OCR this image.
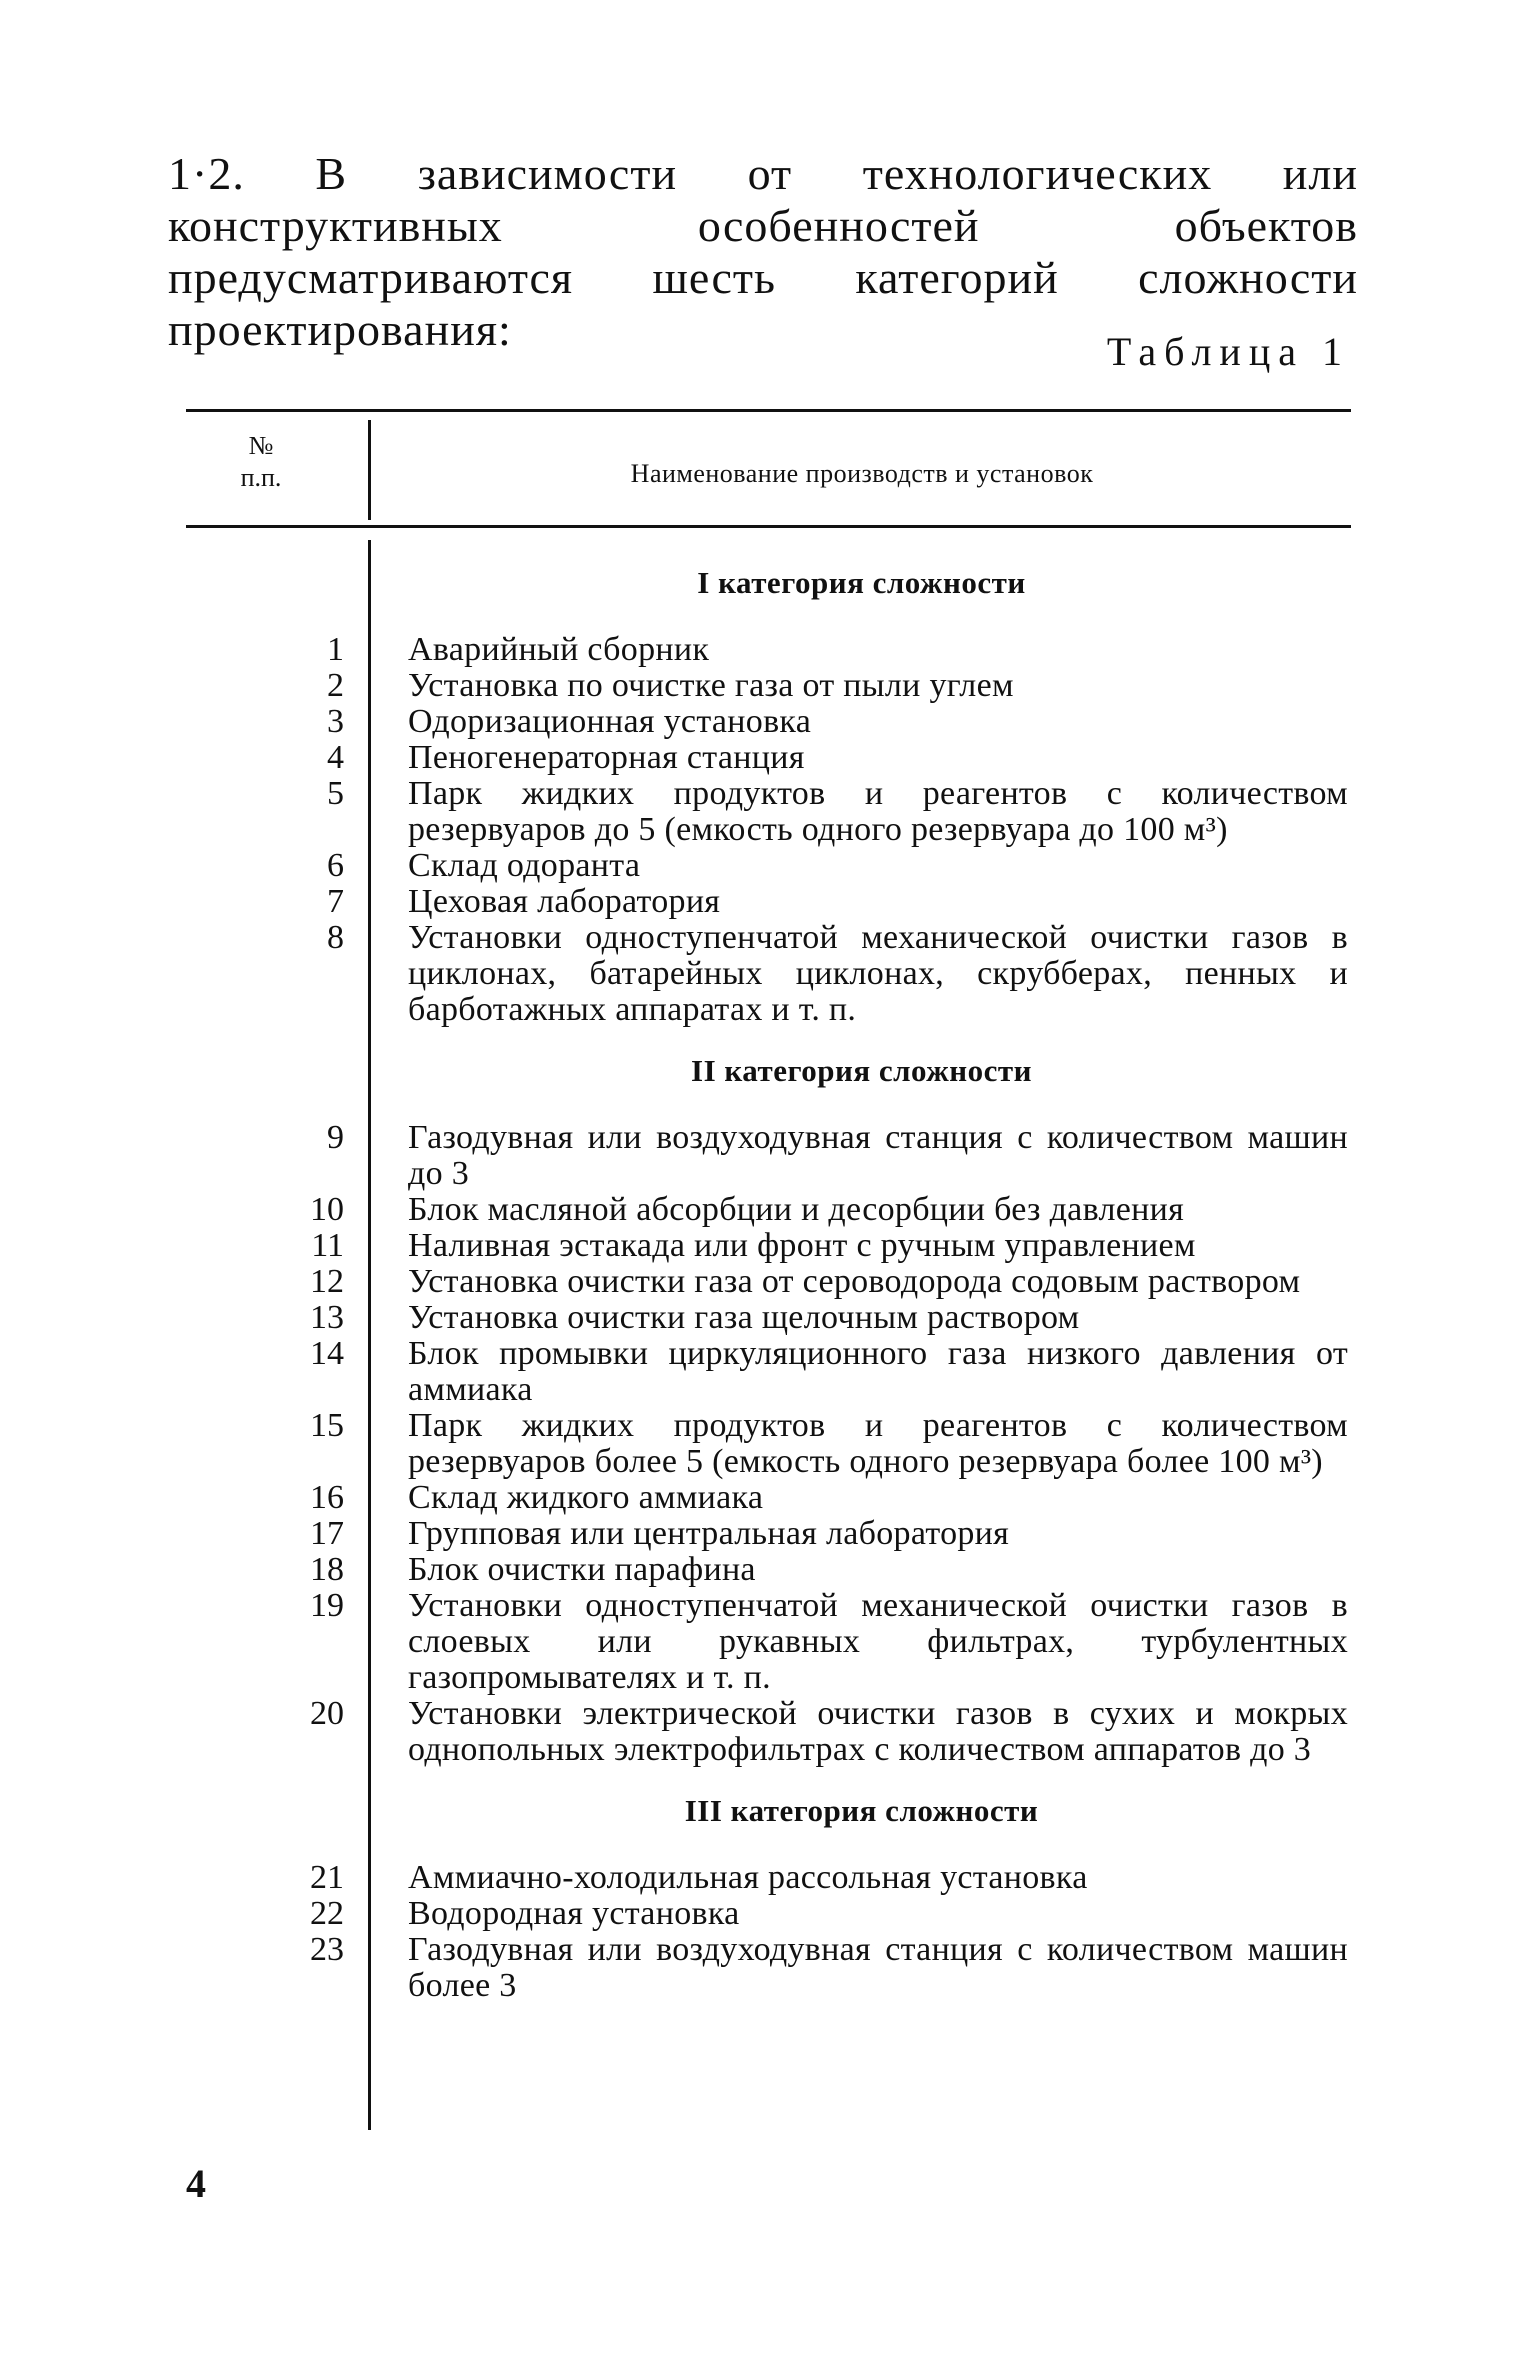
1·2. В зависимости от технологических или конструктивных особенностей объектов предусматриваются шесть категорий сложности проектирования:	Таблица 1
№
п.п.	Наименование производств и установок
I категория сложности
1 Аварийный сборник
2 Установка по очистке газа от пыли углем
3 Одоризационная установка
4 Пеногенераторная станция
5 Парк жидких продуктов и реагентов с количеством резервуаров до 5 (емкость одного резервуара до 100 м³)
6 Склад одоранта
7 Цеховая лаборатория
8 Установки одноступенчатой механической очистки газов в циклонах, батарейных циклонах, скрубберах, пенных и барботажных аппаратах и т. п.
II категория сложности
9 Газодувная или воздуходувная станция с количеством машин до 3
10 Блок масляной абсорбции и десорбции без давления
11 Наливная эстакада или фронт с ручным управлением
12 Установка очистки газа от сероводорода содовым раствором
13 Установка очистки газа щелочным раствором
14 Блок промывки циркуляционного газа низкого давления от аммиака
15 Парк жидких продуктов и реагентов с количеством резервуаров более 5 (емкость одного резервуара более 100 м³)
16 Склад жидкого аммиака
17 Групповая или центральная лаборатория
18 Блок очистки парафина
19 Установки одноступенчатой механической очистки газов в слоевых или рукавных фильтрах, турбулентных газопромывателях и т. п.
20 Установки электрической очистки газов в сухих и мокрых однопольных электрофильтрах с количеством аппаратов до 3
III категория сложности
21 Аммиачно-холодильная рассольная установка
22 Водородная установка
23 Газодувная или воздуходувная станция с количеством машин более 3
4
